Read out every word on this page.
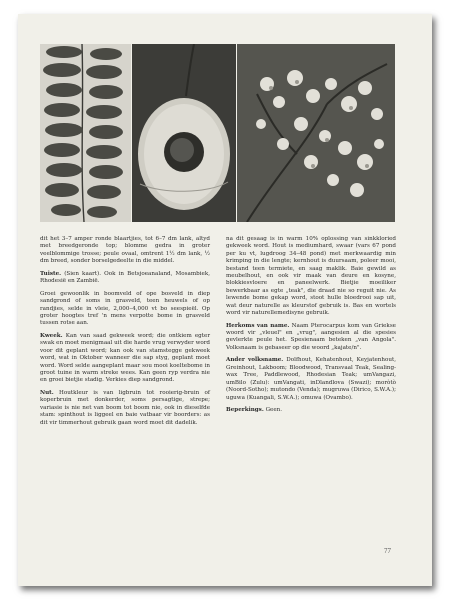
dit het 3–7 amper ronde blaartjies, tot 6–7 dm lank, altyd met breedgeronde top; blomme gedra in groter veelblommige trosse; peule ovaal, omtrent 1½ dm lank, ½ dm breed, sonder borselgedeelte in die middel.

Tuiste. (Sien kaart). Ook in Betsjoeanaland, Mosambiek, Rhodesië en Zambië.

Groei gewoonlik in boomveld of ope bosveld in diep sandgrond of soms in grasveld, teen heuwels of op randjies, selde in vleie, 2,000–4,000 vt bo seespieël. Op groter hoogtes tref 'n mens verpotte bome in grasveld tussen rotse aan.

Kweek. Kan van saad gekweek word; die ontkiem egter swak en moet menigmaal uit die harde vrug verwyder word voor dit geplant word; kan ook van stamstegge gekweek word, wat in Oktober wanneer die sap styg, geplant moet word. Word selde aangeplant maar sou mooi koeltebome in groot tuine in warm streke wees. Kan geen ryp verdra nie en groei bietjie stadig. Verkies diep sandgrond.

Nut. Houtkleur is van ligbruin tot rooierig-bruin of koperbruin met donkerder, soms persagtige, strepe; variasie is nie net van boom tot boom nie, ook in dieselfde stam: spinthout is liggeel en baie vatbaar vir boorders: as dit vir timmerhout gebruik gaan word moet dit dadelik.

na dit gesaag is in warm 10% oplossing van sinkkloried gekweek word. Hout is mediumhard, swaar (vars 67 pond per ku vt, lugdroog 34–48 pond) met merkwaardig min krimping in die lengte; kernhout is duursaam, poleer mooi, bestand teen termiete, en saag maklik. Baie gewild as meubelhout, en ook vir maak van deure en kosyne, blokkiesvloere en paneelwerk. Bietjie moeiliker bewerkbaar as egte „teak", die draad nie so reguit nie. As lewende bome gekap word, stoot hulle bloedrooi sap uit, wat deur naturelle as kleurstof gebruik is. Bas en wortels word vir naturellemedisyne gebruik.

Herkoms van name. Naam Pterocarpus kom van Griekse woord vir „vleuel" en „vrug", aangesien al die spesies gevlerkte peule het. Spesienaam beteken „van Angola". Volksnaam is gebaseer op die woord „kajate/n".

Ander volksname. Dolfhout, Kehatenhout, Keyjatenhout, Greinhout, Lakboom; Bloodwood, Transvaal Teak, Sealing-wax Tree, Paddlewood, Rhodesian Teak; umVangazi, umBilo (Zulu): umVangati, inDlandlova (Swazi); moròtò (Noord-Sotho); mutondo (Venda); mugruwa (Dirico, S.W.A.); uguwa (Kuangali, S.W.A.); omuwa (Ovambo).

Beperkings. Geen.

77
